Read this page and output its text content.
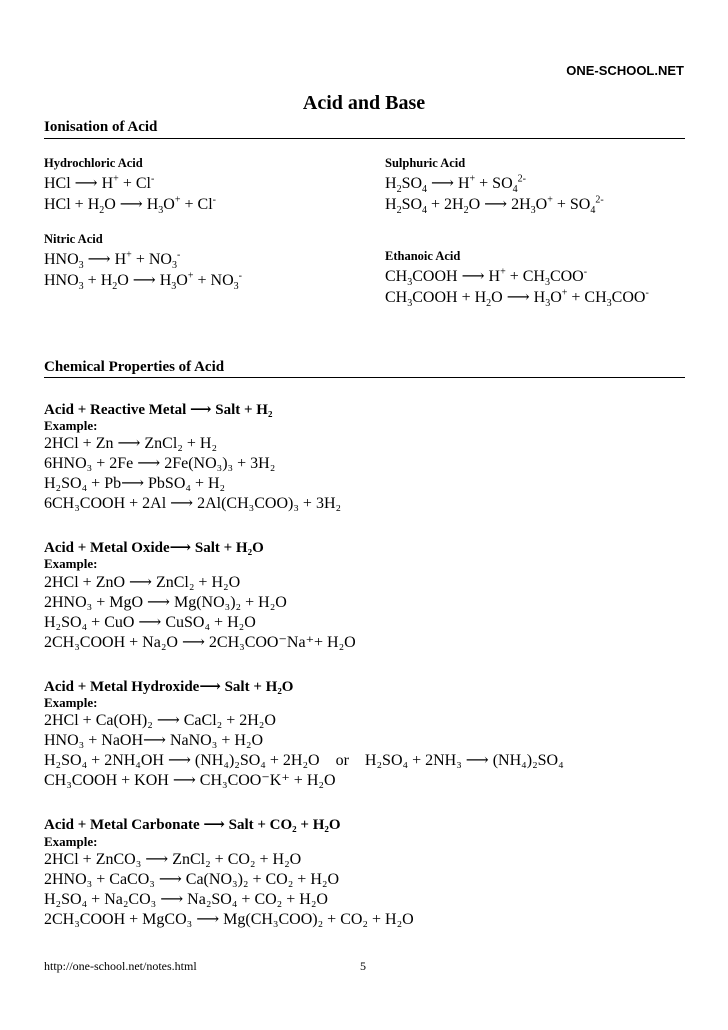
ONE-SCHOOL.NET
Acid and Base
Ionisation of Acid
Hydrochloric Acid
HCl ⟶ H+ + Cl-
HCl + $H_2O$ ⟶ $H_3O^+ + Cl^-$
Sulphuric Acid
$H_2SO_4$ ⟶ $H^+ + SO_4^{2-}$
$H_2SO_4 + 2H_2O$ ⟶ $2H_3O^+ + SO_4^{2-}$
Nitric Acid
$HNO_3$ ⟶ $H^+ + NO_3^-$
$HNO_3 + H_2O$ ⟶ $H_3O^+ + NO_3^-$
Ethanoic Acid
$CH_3COOH$ ⟶ $H^+ + CH_3COO^-$
$CH_3COOH + H_2O$ ⟶ $H_3O^+ + CH_3COO^-$
Chemical Properties of Acid
Acid + Reactive Metal ⟶ Salt + H₂
Example:
2HCl + Zn ⟶ ZnCl₂ + H₂
6HNO₃ + 2Fe ⟶ 2Fe(NO₃)₃ + 3H₂
H₂SO₄ + Pb⟶ PbSO₄ + H₂
6CH₃COOH + 2Al ⟶ 2Al(CH₃COO)₃ + 3H₂
Acid + Metal Oxide⟶ Salt + H₂O
Example:
2HCl + ZnO ⟶ ZnCl₂ + H₂O
2HNO₃ + MgO ⟶ Mg(NO₃)₂ + H₂O
H₂SO₄ + CuO ⟶ CuSO₄ + H₂O
2CH₃COOH + Na₂O ⟶ 2CH₃COO⁻Na⁺+ H₂O
Acid + Metal Hydroxide⟶ Salt + H₂O
Example:
2HCl + Ca(OH)₂ ⟶ CaCl₂ + 2H₂O
HNO₃ + NaOH⟶ NaNO₃ + H₂O
H₂SO₄ + 2NH₄OH ⟶ (NH₄)₂SO₄ + 2H₂O    or    H₂SO₄ + 2NH₃ ⟶ (NH₄)₂SO₄
CH₃COOH + KOH ⟶ CH₃COO⁻K⁺ + H₂O
Acid + Metal Carbonate ⟶ Salt + CO₂ + H₂O
Example:
2HCl + ZnCO₃ ⟶ ZnCl₂ + CO₂ + H₂O
2HNO₃ + CaCO₃ ⟶ Ca(NO₃)₂ + CO₂ + H₂O
H₂SO₄ + Na₂CO₃ ⟶ Na₂SO₄ + CO₂ + H₂O
2CH₃COOH + MgCO₃ ⟶ Mg(CH₃COO)₂ + CO₂ + H₂O
http://one-school.net/notes.html	5
